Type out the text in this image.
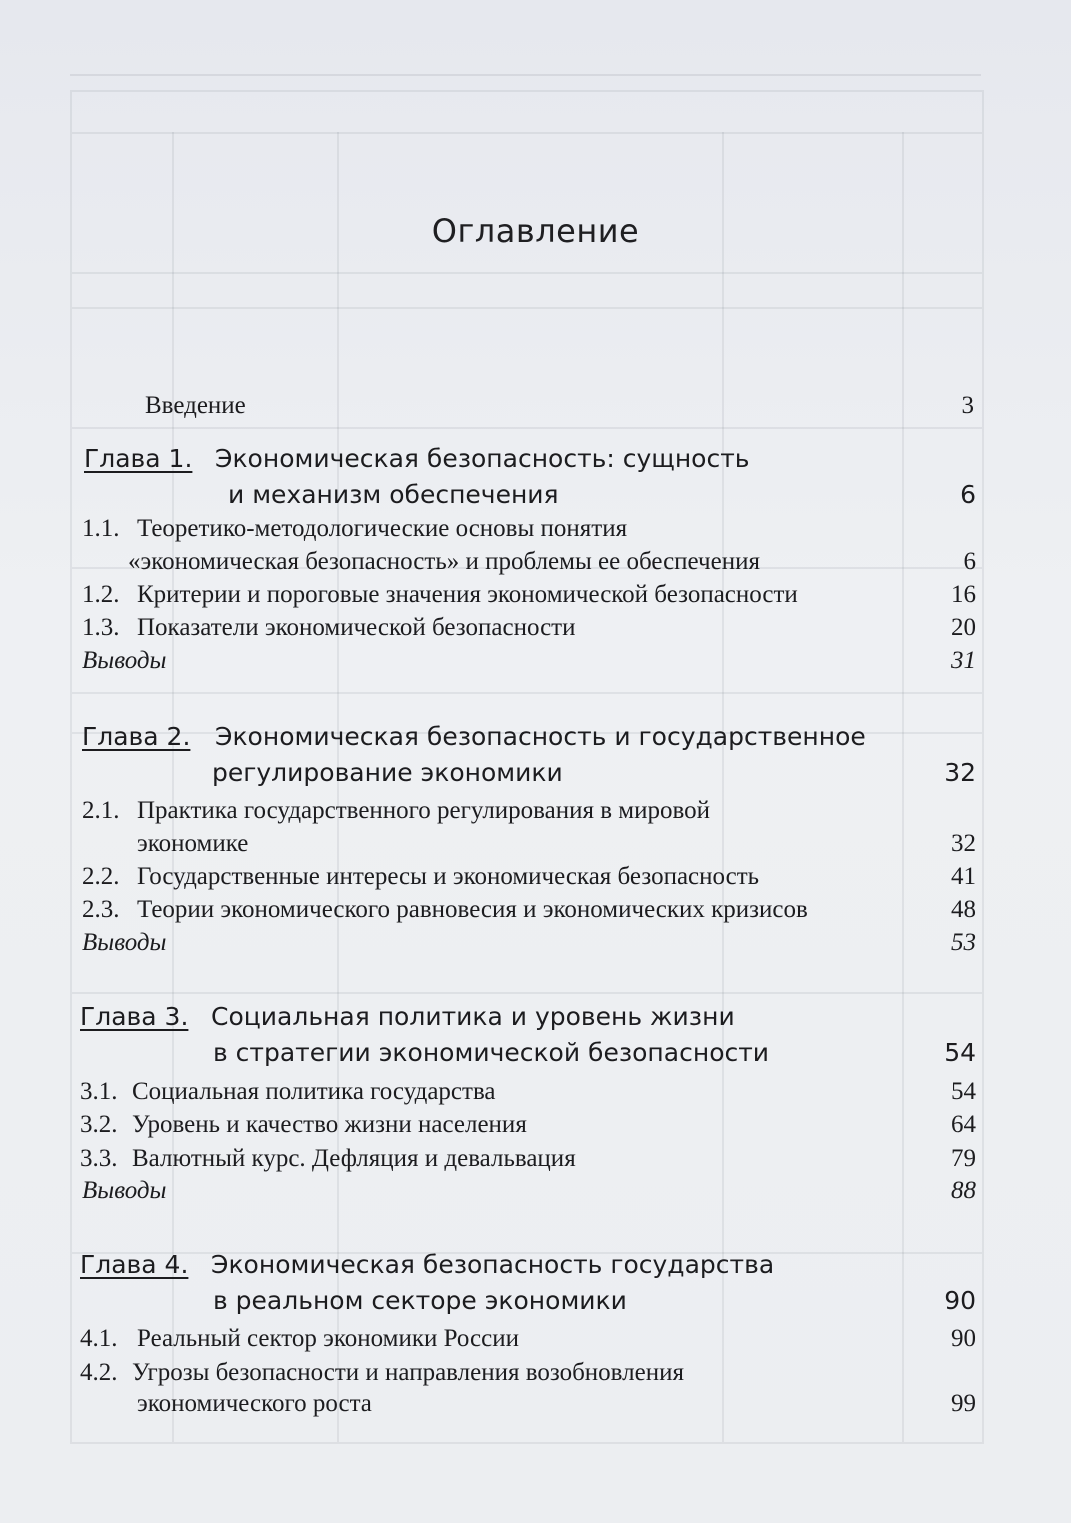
Оглавление
Введение	3
Глава 1. Экономическая безопасность: сущность
и механизм обеспечения	6
1.1. Теоретико-методологические основы понятия
«экономическая безопасность» и проблемы ее обеспечения	6
1.2. Критерии и пороговые значения экономической безопасности	16
1.3. Показатели экономической безопасности	20
Выводы	31
Глава 2. Экономическая безопасность и государственное
регулирование экономики	32
2.1. Практика государственного регулирования в мировой
экономике	32
2.2. Государственные интересы и экономическая безопасность	41
2.3. Теории экономического равновесия и экономических кризисов	48
Выводы	53
Глава 3. Социальная политика и уровень жизни
в стратегии экономической безопасности	54
3.1. Социальная политика государства	54
3.2. Уровень и качество жизни населения	64
3.3. Валютный курс. Дефляция и девальвация	79
Выводы	88
Глава 4. Экономическая безопасность государства
в реальном секторе экономики	90
4.1. Реальный сектор экономики России	90
4.2. Угрозы безопасности и направления возобновления
экономического роста	99
